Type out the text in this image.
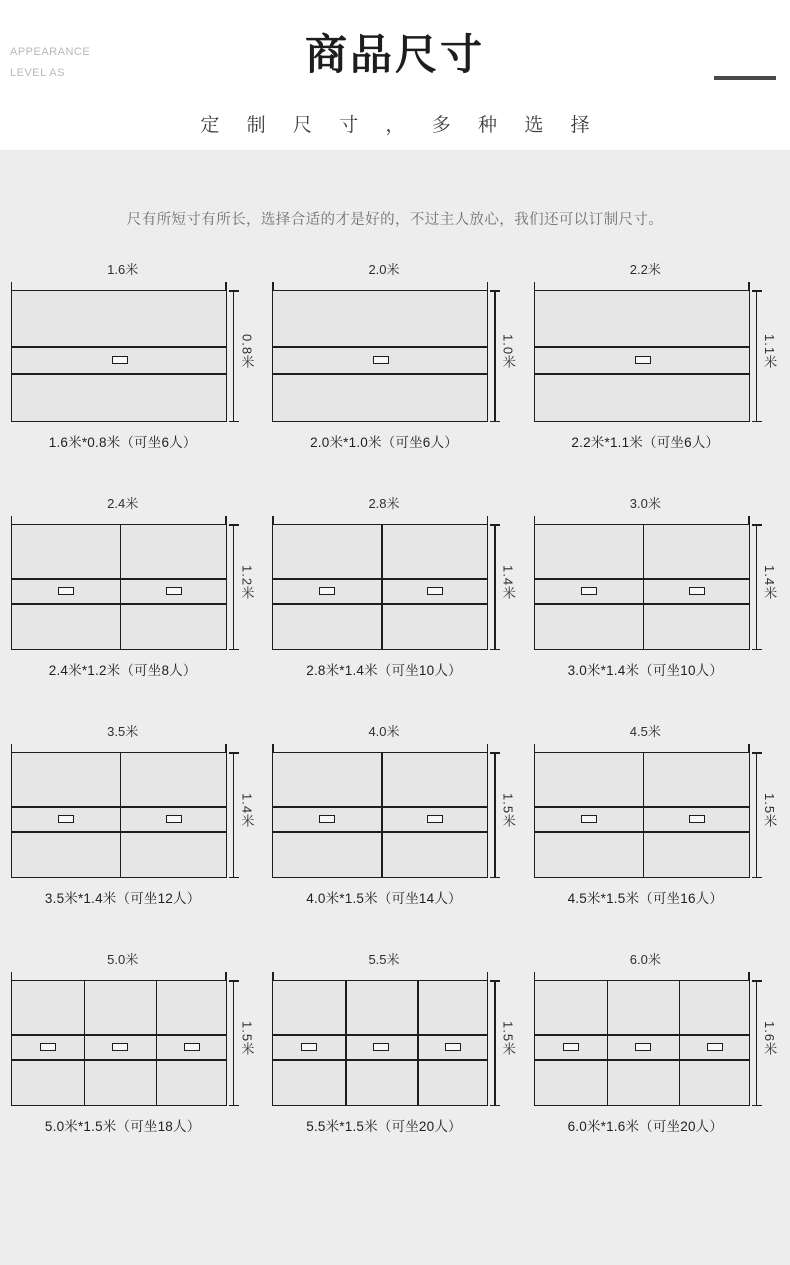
APPEARANCE
LEVEL AS	商品尺寸
定 制 尺 寸 ， 多 种 选 择
尺有所短寸有所长，选择合适的才是好的，不过主人放心，我们还可以订制尺寸。
1.6米
0.8米
1.6米*0.8米（可坐6人）
2.0米
1.0米
2.0米*1.0米（可坐6人）
2.2米
1.1米
2.2米*1.1米（可坐6人）
2.4米
1.2米
2.4米*1.2米（可坐8人）
2.8米
1.4米
2.8米*1.4米（可坐10人）
3.0米
1.4米
3.0米*1.4米（可坐10人）
3.5米
1.4米
3.5米*1.4米（可坐12人）
4.0米
1.5米
4.0米*1.5米（可坐14人）
4.5米
1.5米
4.5米*1.5米（可坐16人）
5.0米
1.5米
5.0米*1.5米（可坐18人）
5.5米
1.5米
5.5米*1.5米（可坐20人）
6.0米
1.6米
6.0米*1.6米（可坐20人）
